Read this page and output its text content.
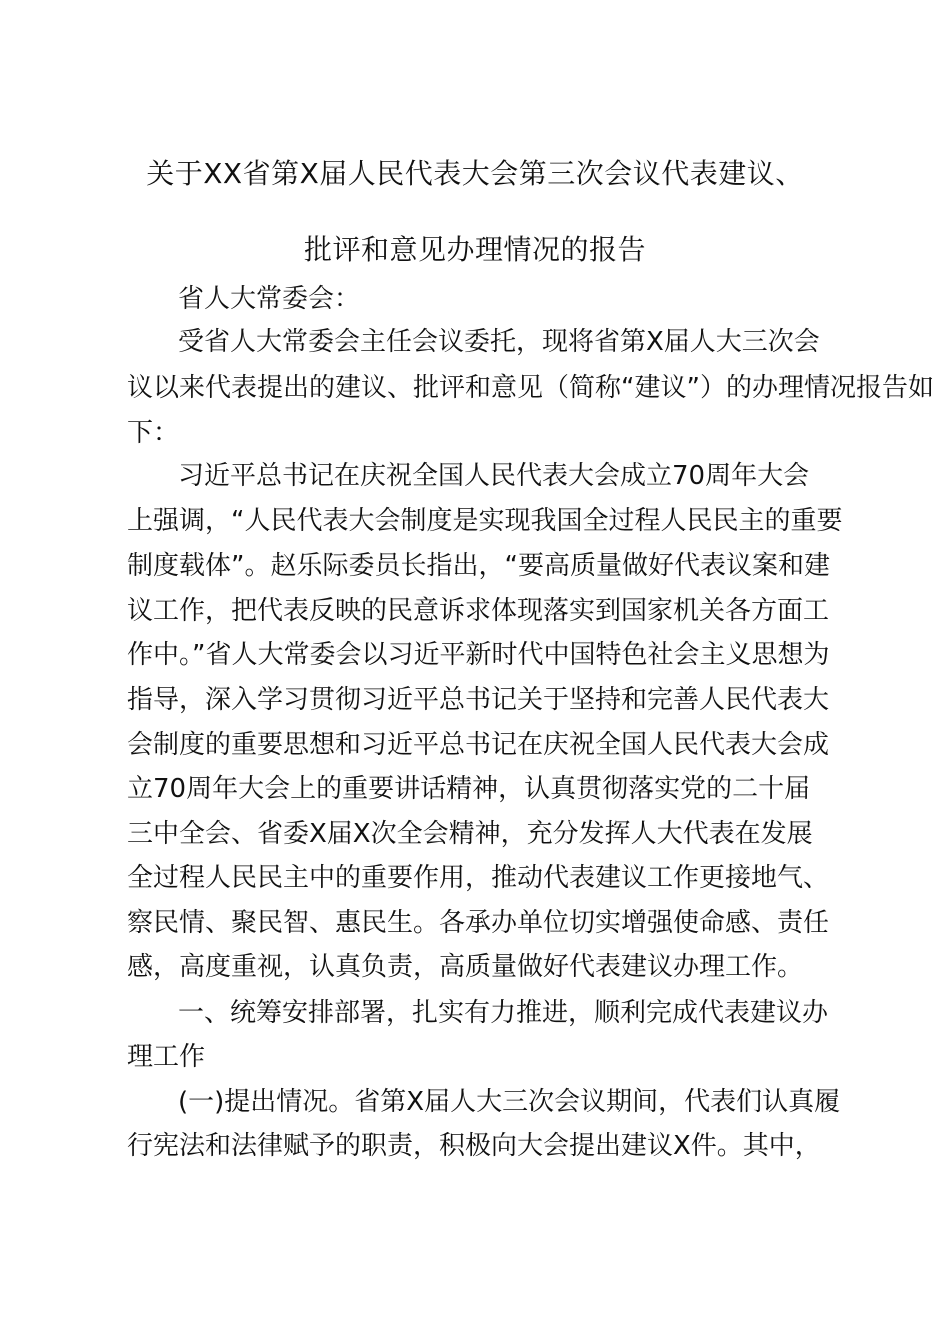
关于XX省第X届人民代表大会第三次会议代表建议、
批评和意见办理情况的报告
省人大常委会：
受省人大常委会主任会议委托，现将省第X届人大三次会
议以来代表提出的建议、批评和意见（简称“建议”）的办理情况报告如
下：
习近平总书记在庆祝全国人民代表大会成立70周年大会
上强调，“人民代表大会制度是实现我国全过程人民民主的重要
制度载体”。赵乐际委员长指出，“要高质量做好代表议案和建
议工作，把代表反映的民意诉求体现落实到国家机关各方面工
作中。”省人大常委会以习近平新时代中国特色社会主义思想为
指导，深入学习贯彻习近平总书记关于坚持和完善人民代表大
会制度的重要思想和习近平总书记在庆祝全国人民代表大会成
立70周年大会上的重要讲话精神，认真贯彻落实党的二十届
三中全会、省委X届X次全会精神，充分发挥人大代表在发展
全过程人民民主中的重要作用，推动代表建议工作更接地气、
察民情、聚民智、惠民生。各承办单位切实增强使命感、责任
感，高度重视，认真负责，高质量做好代表建议办理工作。
一、统筹安排部署，扎实有力推进，顺利完成代表建议办
理工作
(一)提出情况。省第X届人大三次会议期间，代表们认真履
行宪法和法律赋予的职责，积极向大会提出建议X件。其中，
